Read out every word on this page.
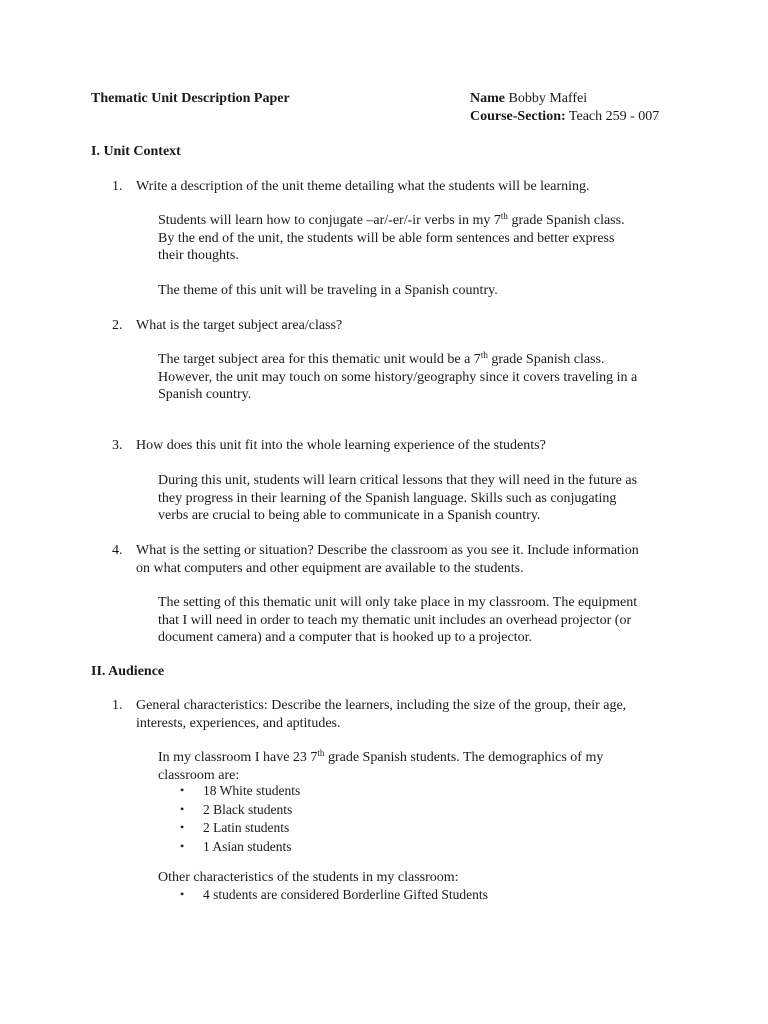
Thematic Unit Description Paper	Name Bobby Maffei
Course-Section: Teach 259 - 007
I. Unit Context
1. Write a description of the unit theme detailing what the students will be learning.

Students will learn how to conjugate –ar/-er/-ir verbs in my 7th grade Spanish class.

By the end of the unit, the students will be able form sentences and better express

their thoughts.

The theme of this unit will be traveling in a Spanish country.

2. What is the target subject area/class?

The target subject area for this thematic unit would be a 7th grade Spanish class.

However, the unit may touch on some history/geography since it covers traveling in a

Spanish country.

3. How does this unit fit into the whole learning experience of the students?

During this unit, students will learn critical lessons that they will need in the future as

they progress in their learning of the Spanish language. Skills such as conjugating

verbs are crucial to being able to communicate in a Spanish country.

4. What is the setting or situation? Describe the classroom as you see it. Include information
on what computers and other equipment are available to the students.

The setting of this thematic unit will only take place in my classroom. The equipment

that I will need in order to teach my thematic unit includes an overhead projector (or

document camera) and a computer that is hooked up to a projector.

II. Audience
1. General characteristics: Describe the learners, including the size of the group, their age,
interests, experiences, and aptitudes.

In my classroom I have 23 7th grade Spanish students. The demographics of my

classroom are:

• 18 White students
• 2 Black students
• 2 Latin students
• 1 Asian students

Other characteristics of the students in my classroom:

• 4 students are considered Borderline Gifted Students
